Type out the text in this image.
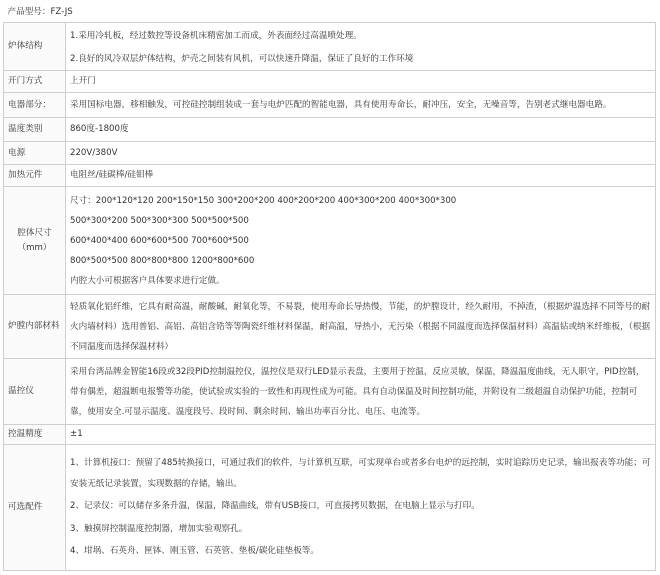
产品型号：FZ-JS	
炉体结构	1.采用冷轧板，经过数控等设备机床精密加工而成，外表面经过高温喷处理。
2.良好的风冷双层炉体结构，炉壳之间装有风机，可以快速升降温，保证了良好的工作环境

开门方式	上开门
电器部分：	采用国标电器，移相触发，可控硅控制组装成一套与电炉匹配的智能电器，具有使用寿命长，耐冲压，安全，无噪音等，告别老式继电器电路。
温度类别	860度-1800度
电源	220V/380V
加热元件	电阻丝/硅碳棒/硅钼棒

腔体尺寸
（mm）	尺寸：200*120*120 200*150*150 300*200*200 400*200*200 400*300*200 400*300*300
500*300*200 500*300*300 500*500*500
600*400*400 600*600*500 700*600*500
800*500*500 800*800*800 1200*800*600
内腔大小可根据客户具体要求进行定做。

炉膛内部材料	轻质氧化铝纤维，它具有耐高温，耐酸碱，耐氧化等，不易裂，使用寿命长导热慢，节能，的炉膛设计，经久耐用，不掉渣，（根据炉温选择不同等号的耐火内墙材料）选用普铝、高铝、高铝含锆等等陶瓷纤维材料保温，耐高温，导热小，无污染（根据不同温度而选择保温材料）高温钻或纳米纤维板，（根据不同温度而选择保温材料）
温控仪	采用台湾品牌金智能16段或32段PID控制温控仪，温控仪是双行LED显示表盘，主要用于控温，反应灵敏，保温，降温温度曲线，无人职守，PID控制，带有偶差，超温断电报警等功能，使试验或实验的一致性和再现性成为可能。具有自动保温及时间控制功能，并附设有二级超温自动保护功能，控制可靠，使用安全.可显示温度、温度段号、段时间、剩余时间、输出功率百分比、电压、电流等。
控温精度	±1
可选配件	1、计算机接口：预留了485转换接口，可通过我们的软件，与计算机互联，可实现单台或者多台电炉的远控制，实时追踪历史记录，输出报表等功能；可安装无纸记录装置，实现数据的存储，输出。
2、记录仪：可以储存多条升温，保温，降温曲线，带有USB接口，可直接拷贝数据，在电脑上显示与打印。
3、触摸屏控制温度控制器，增加实验观察孔。
4、坩埚、石英舟、匣钵、刚玉管、石英管、垫板/碳化硅垫板等。
